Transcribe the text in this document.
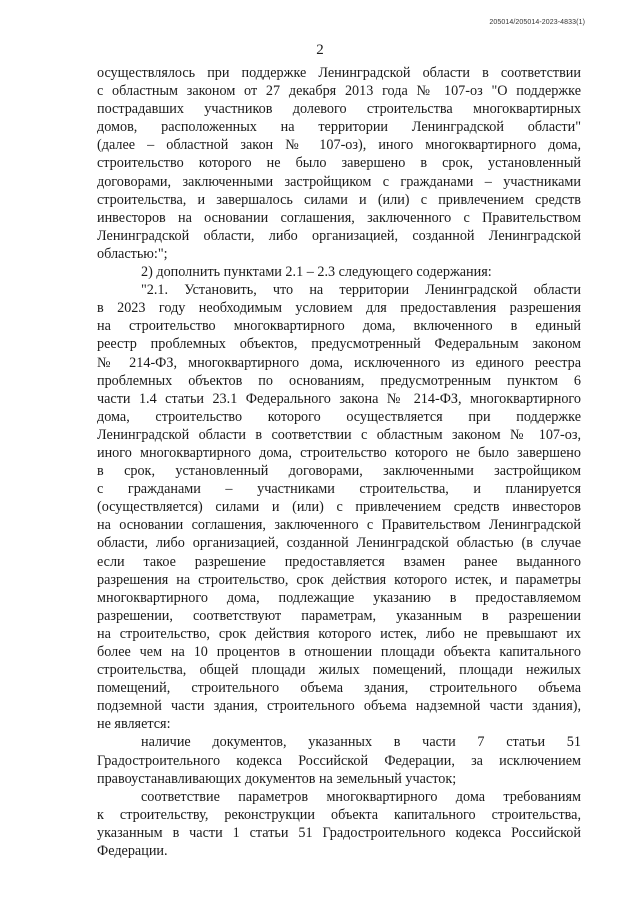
205014/205014-2023-4833(1)
2
осуществлялось при поддержке Ленинградской области в соответствии
с областным законом от 27 декабря 2013 года № 107-оз "О поддержке
пострадавших участников долевого строительства многоквартирных
домов, расположенных на территории Ленинградской области"
(далее – областной закон № 107-оз), иного многоквартирного дома,
строительство которого не было завершено в срок, установленный
договорами, заключенными застройщиком с гражданами – участниками
строительства, и завершалось силами и (или) с привлечением средств
инвесторов на основании соглашения, заключенного с Правительством
Ленинградской области, либо организацией, созданной Ленинградской
областью:";
2) дополнить пунктами 2.1 – 2.3 следующего содержания:
"2.1. Установить, что на территории Ленинградской области
в 2023 году необходимым условием для предоставления разрешения
на строительство многоквартирного дома, включенного в единый
реестр проблемных объектов, предусмотренный Федеральным законом
№ 214-ФЗ, многоквартирного дома, исключенного из единого реестра
проблемных объектов по основаниям, предусмотренным пунктом 6
части 1.4 статьи 23.1 Федерального закона № 214-ФЗ, многоквартирного
дома, строительство которого осуществляется при поддержке
Ленинградской области в соответствии с областным законом № 107-оз,
иного многоквартирного дома, строительство которого не было завершено
в срок, установленный договорами, заключенными застройщиком
с гражданами – участниками строительства, и планируется
(осуществляется) силами и (или) с привлечением средств инвесторов
на основании соглашения, заключенного с Правительством Ленинградской
области, либо организацией, созданной Ленинградской областью (в случае
если такое разрешение предоставляется взамен ранее выданного
разрешения на строительство, срок действия которого истек, и параметры
многоквартирного дома, подлежащие указанию в предоставляемом
разрешении, соответствуют параметрам, указанным в разрешении
на строительство, срок действия которого истек, либо не превышают их
более чем на 10 процентов в отношении площади объекта капитального
строительства, общей площади жилых помещений, площади нежилых
помещений, строительного объема здания, строительного объема
подземной части здания, строительного объема надземной части здания),
не является:
наличие документов, указанных в части 7 статьи 51
Градостроительного кодекса Российской Федерации, за исключением
правоустанавливающих документов на земельный участок;
соответствие параметров многоквартирного дома требованиям
к строительству, реконструкции объекта капитального строительства,
указанным в части 1 статьи 51 Градостроительного кодекса Российской
Федерации.
